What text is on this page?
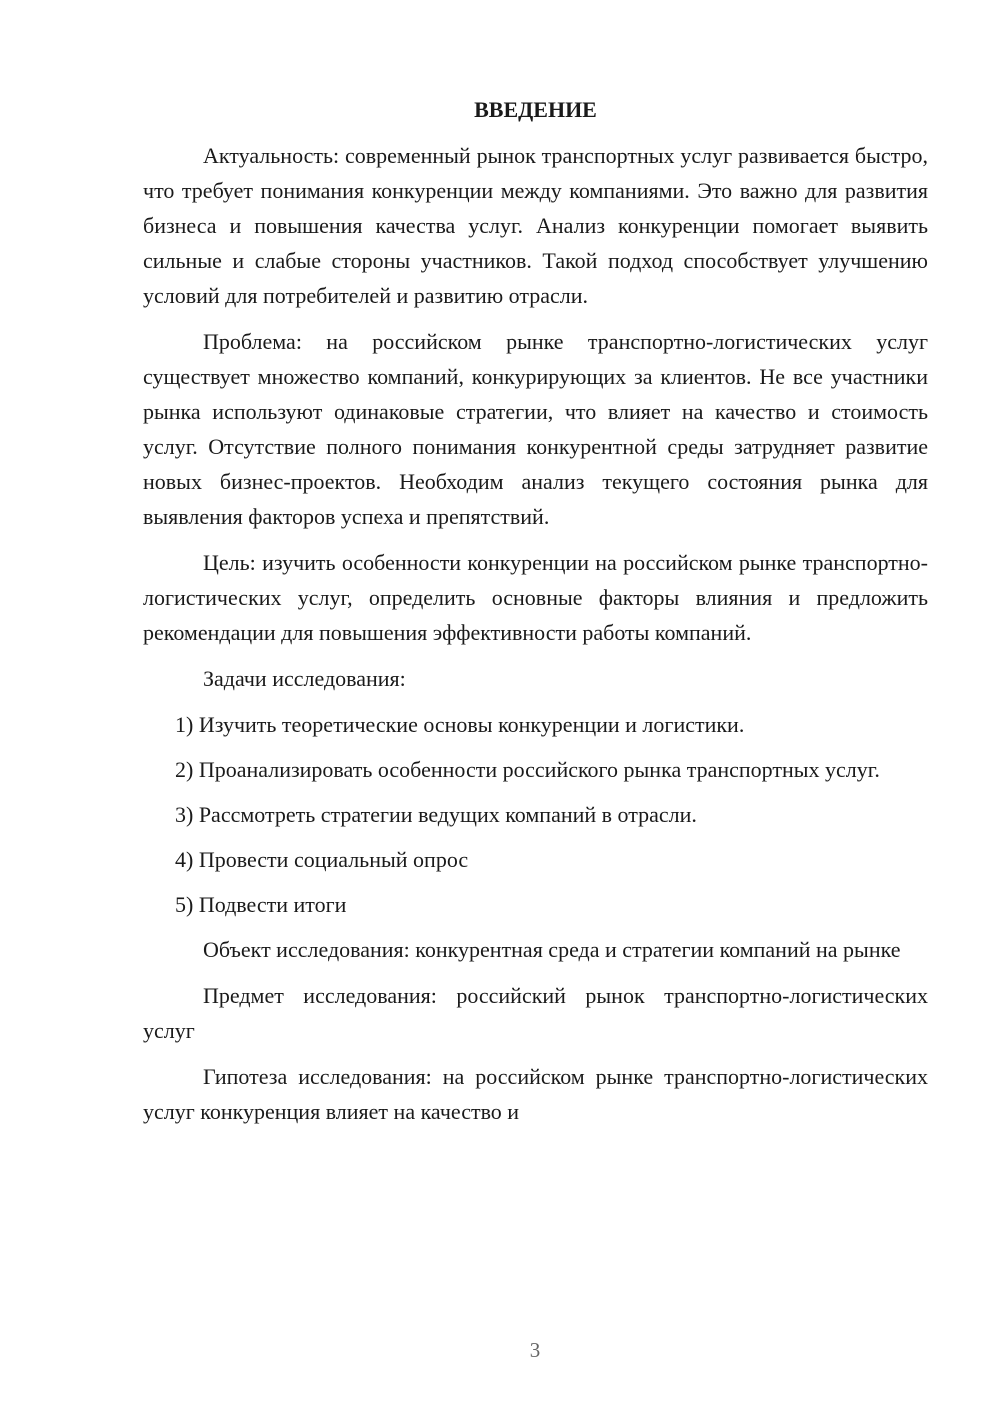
ВВЕДЕНИЕ

Актуальность: современный рынок транспортных услуг развивается быстро, что требует понимания конкуренции между компаниями. Это важно для развития бизнеса и повышения качества услуг. Анализ конкуренции помогает выявить сильные и слабые стороны участников. Такой подход способствует улучшению условий для потребителей и развитию отрасли.

Проблема: на российском рынке транспортно-логистических услуг существует множество компаний, конкурирующих за клиентов. Не все участники рынка используют одинаковые стратегии, что влияет на качество и стоимость услуг. Отсутствие полного понимания конкурентной среды затрудняет развитие новых бизнес-проектов. Необходим анализ текущего состояния рынка для выявления факторов успеха и препятствий.

Цель: изучить особенности конкуренции на российском рынке транспортно-логистических услуг, определить основные факторы влияния и предложить рекомендации для повышения эффективности работы компаний.

Задачи исследования:

1) Изучить теоретические основы конкуренции и логистики.

2) Проанализировать особенности российского рынка транспортных услуг.

3) Рассмотреть стратегии ведущих компаний в отрасли.

4) Провести социальный опрос

5) Подвести итоги

Объект исследования: конкурентная среда и стратегии компаний на рынке

Предмет исследования: российский рынок транспортно-логистических услуг

Гипотеза исследования: на российском рынке транспортно-логистических услуг конкуренция влияет на качество и

3
